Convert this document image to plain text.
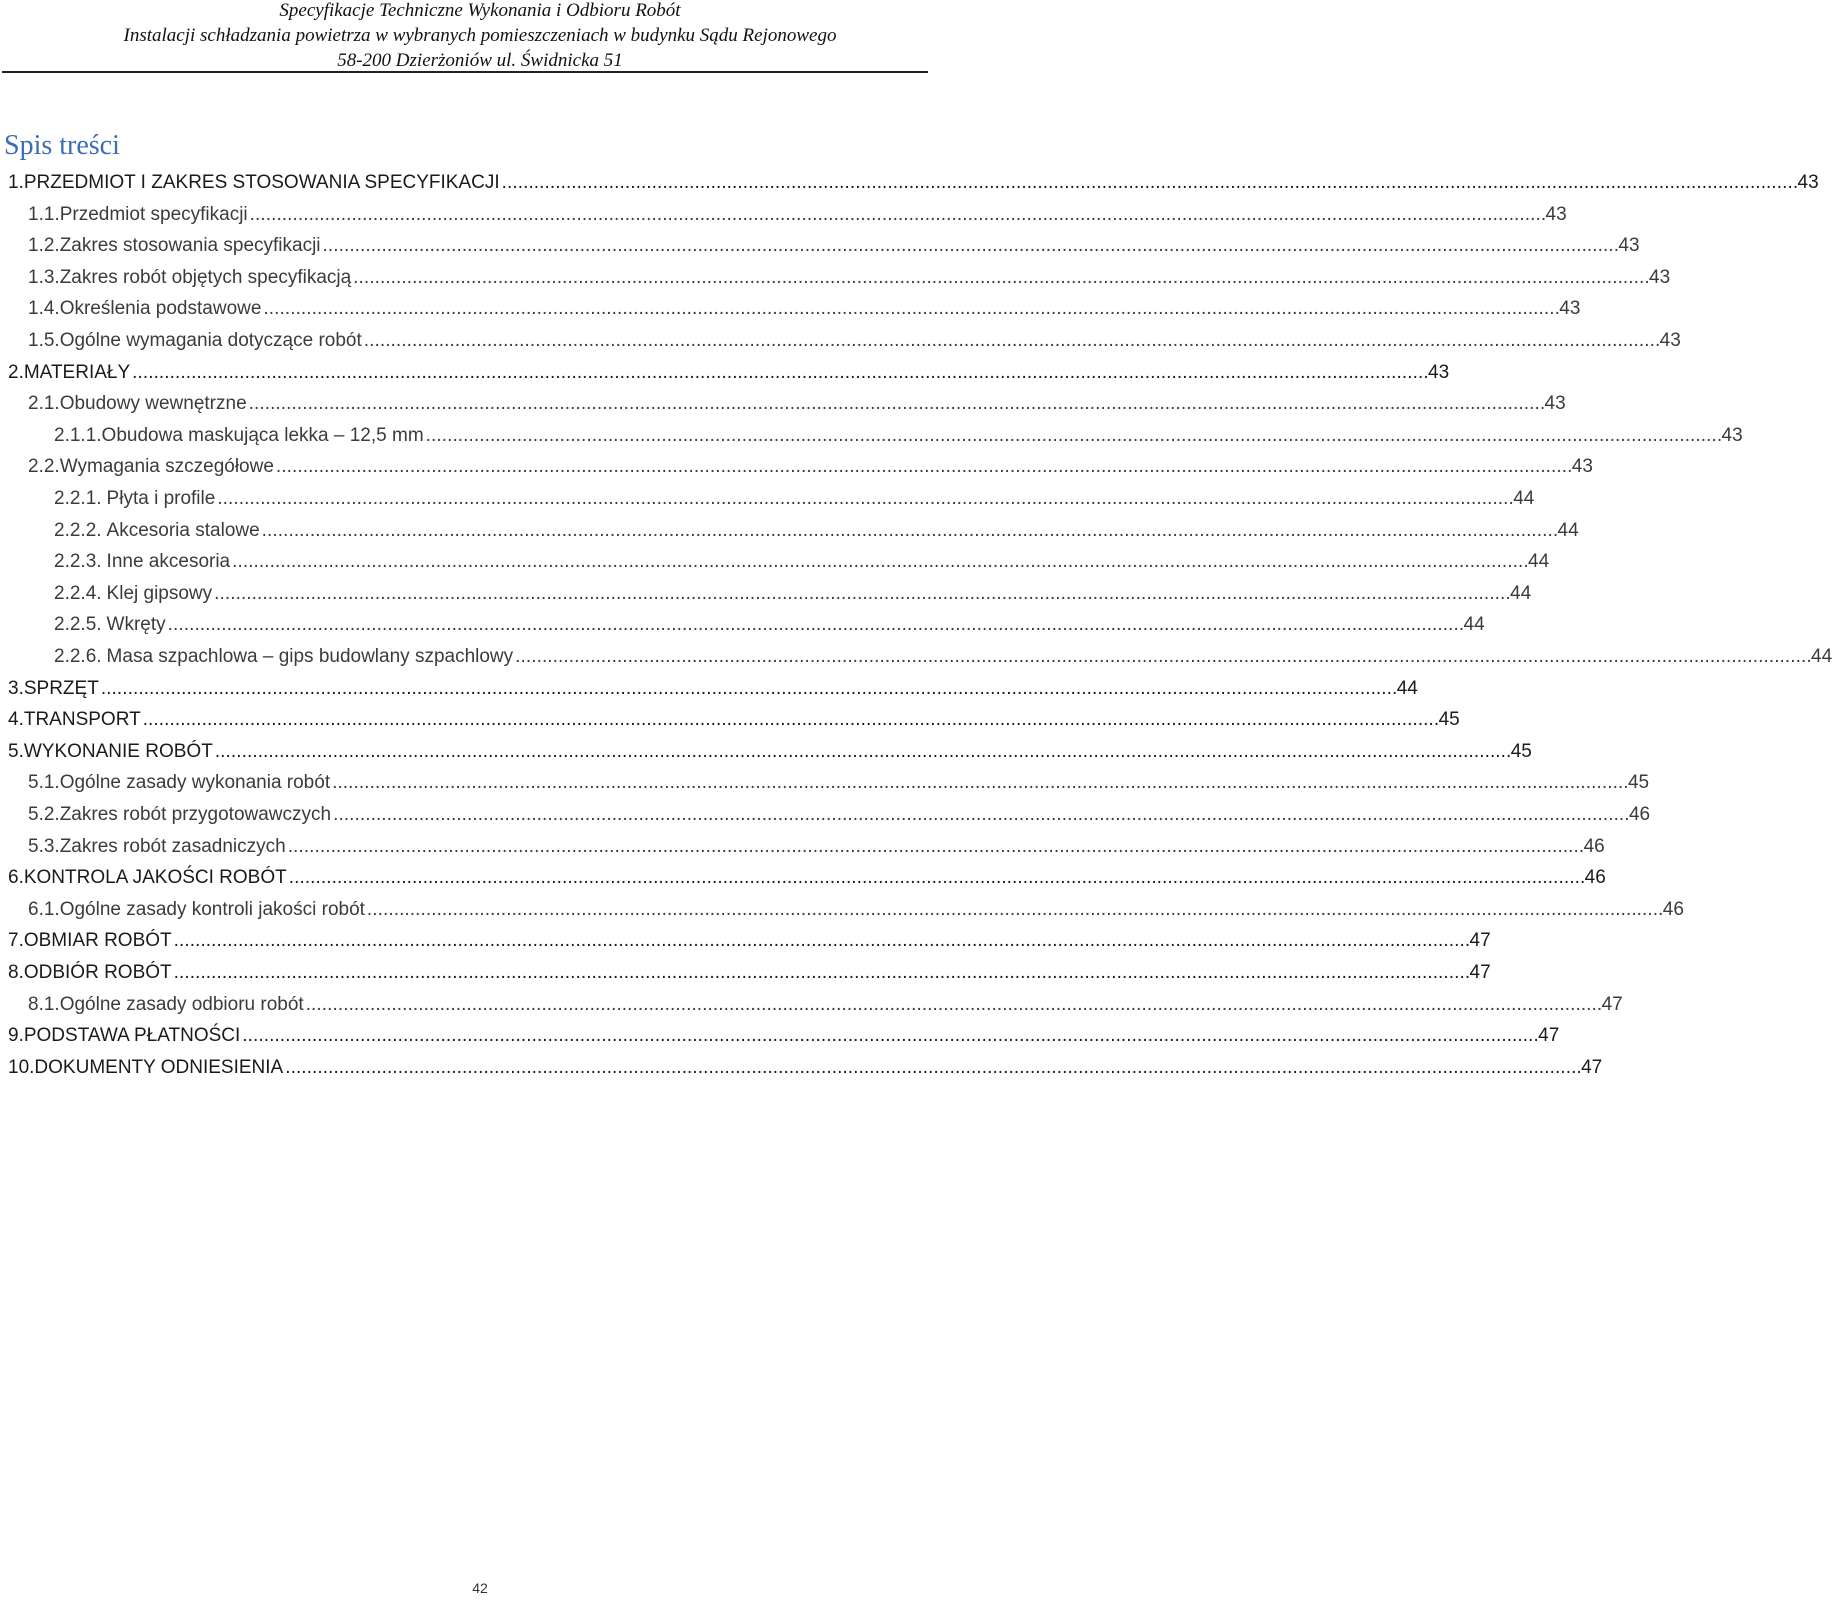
Specyfikacje Techniczne Wykonania i Odbioru Robót
Instalacji schładzania powietrza w wybranych pomieszczeniach w budynku Sądu Rejonowego
58-200 Dzierżoniów ul. Świdnicka 51
Spis treści
1. PRZEDMIOT I ZAKRES STOSOWANIA SPECYFIKACJI . . .	43
1.1. Przedmiot specyfikacji . . .	43
1.2. Zakres stosowania specyfikacji . . .	43
1.3. Zakres robót objętych specyfikacją . . .	43
1.4. Określenia podstawowe . . .	43
1.5. Ogólne wymagania dotyczące robót . . .	43
2. MATERIAŁY . . .	43
2.1. Obudowy wewnętrzne . . .	43
2.1.1. Obudowa maskująca lekka – 12,5 mm . . .	43
2.2. Wymagania szczegółowe . . .	43
2.2.1. Płyta i profile . . .	44
2.2.2. Akcesoria stalowe . . .	44
2.2.3. Inne akcesoria . . .	44
2.2.4. Klej gipsowy . . .	44
2.2.5. Wkręty . . .	44
2.2.6. Masa szpachlowa – gips budowlany szpachlowy . . .	44
3. SPRZĘT . . .	44
4. TRANSPORT . . .	45
5. WYKONANIE ROBÓT . . .	45
5.1. Ogólne zasady wykonania robót . . .	45
5.2. Zakres robót przygotowawczych . . .	46
5.3. Zakres robót zasadniczych . . .	46
6. KONTROLA JAKOŚCI ROBÓT . . .	46
6.1. Ogólne zasady kontroli jakości robót . . .	46
7. OBMIAR ROBÓT . . .	47
8. ODBIÓR ROBÓT . . .	47
8.1. Ogólne zasady odbioru robót . . .	47
9. PODSTAWA PŁATNOŚCI . . .	47
10. DOKUMENTY ODNIESIENIA . . .	47
42
